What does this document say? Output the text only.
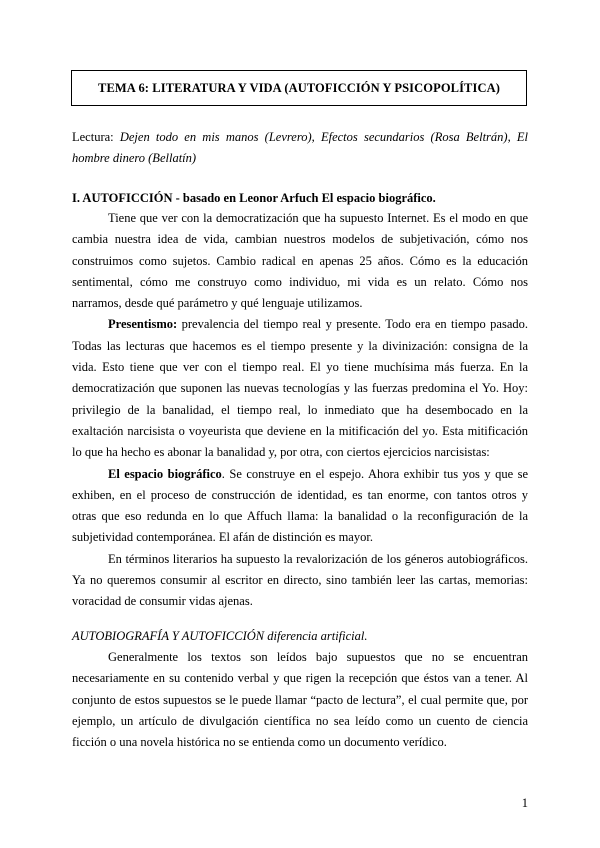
TEMA 6: LITERATURA Y VIDA (AUTOFICCIÓN Y PSICOPOLÍTICA)
Lectura: Dejen todo en mis manos (Levrero), Efectos secundarios (Rosa Beltrán), El hombre dinero (Bellatín)
I. AUTOFICCIÓN - basado en Leonor Arfuch El espacio biográfico.

Tiene que ver con la democratización que ha supuesto Internet. Es el modo en que cambia nuestra idea de vida, cambian nuestros modelos de subjetivación, cómo nos construimos como sujetos. Cambio radical en apenas 25 años. Cómo es la educación sentimental, cómo me construyo como individuo, mi vida es un relato. Cómo nos narramos, desde qué parámetro y qué lenguaje utilizamos.

Presentismo: prevalencia del tiempo real y presente. Todo era en tiempo pasado. Todas las lecturas que hacemos es el tiempo presente y la divinización: consigna de la vida. Esto tiene que ver con el tiempo real. El yo tiene muchísima más fuerza. En la democratización que suponen las nuevas tecnologías y las fuerzas predomina el Yo. Hoy: privilegio de la banalidad, el tiempo real, lo inmediato que ha desembocado en la exaltación narcisista o voyeurista que deviene en la mitificación del yo. Esta mitificación lo que ha hecho es abonar la banalidad y, por otra, con ciertos ejercicios narcisistas:

El espacio biográfico. Se construye en el espejo. Ahora exhibir tus yos y que se exhiben, en el proceso de construcción de identidad, es tan enorme, con tantos otros y otras que eso redunda en lo que Affuch llama: la banalidad o la reconfiguración de la subjetividad contemporánea. El afán de distinción es mayor.

En términos literarios ha supuesto la revalorización de los géneros autobiográficos. Ya no queremos consumir al escritor en directo, sino también leer las cartas, memorias: voracidad de consumir vidas ajenas.

AUTOBIOGRAFÍA Y AUTOFICCIÓN diferencia artificial.

Generalmente los textos son leídos bajo supuestos que no se encuentran necesariamente en su contenido verbal y que rigen la recepción que éstos van a tener. Al conjunto de estos supuestos se le puede llamar “pacto de lectura”, el cual permite que, por ejemplo, un artículo de divulgación científica no sea leído como un cuento de ciencia ficción o una novela histórica no se entienda como un documento verídico.

1
